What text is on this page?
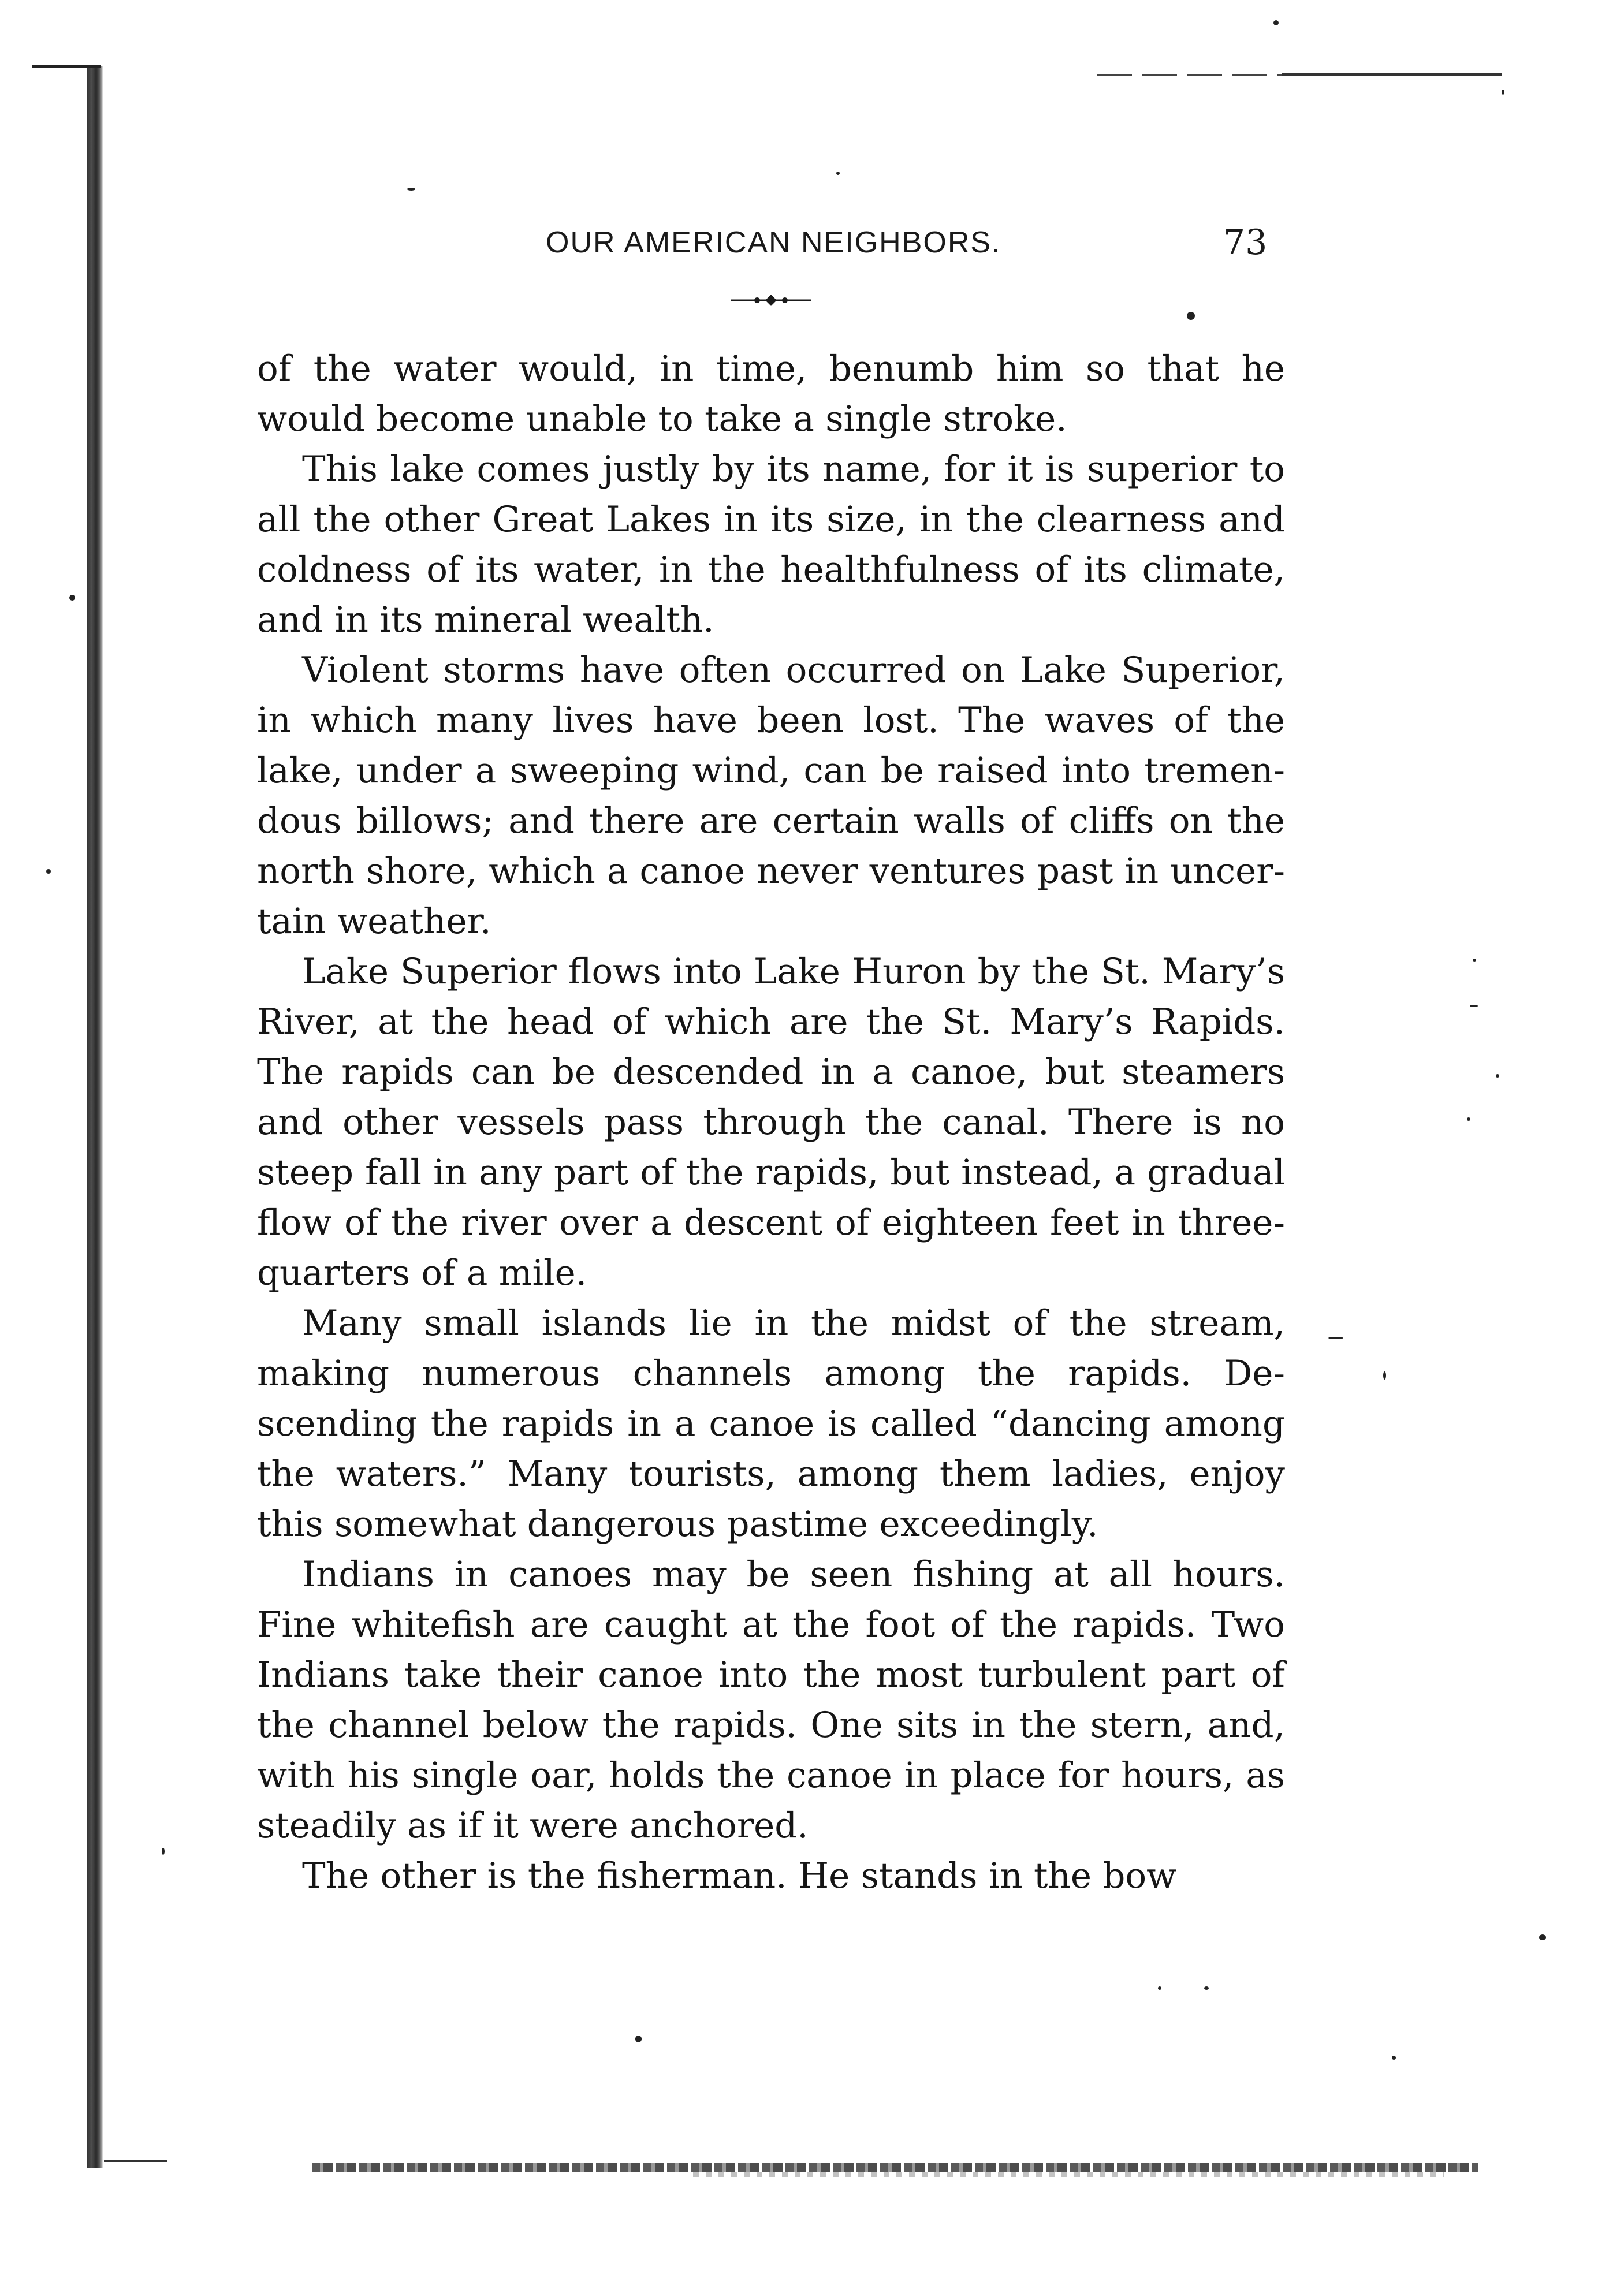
OUR AMERICAN NEIGHBORS.	73

of the water would, in time, benumb him so that he would become unable to take a single stroke.

This lake comes justly by its name, for it is superior to all the other Great Lakes in its size, in the clearness and coldness of its water, in the healthfulness of its climate, and in its mineral wealth.

Violent storms have often occurred on Lake Superior, in which many lives have been lost. The waves of the lake, under a sweeping wind, can be raised into tremen-dous billows; and there are certain walls of cliffs on the north shore, which a canoe never ventures past in uncer-tain weather.

Lake Superior flows into Lake Huron by the St. Mary’s River, at the head of which are the St. Mary’s Rapids. The rapids can be descended in a canoe, but steamers and other vessels pass through the canal. There is no steep fall in any part of the rapids, but instead, a gradual flow of the river over a descent of eighteen feet in three-quarters of a mile.

Many small islands lie in the midst of the stream, making numerous channels among the rapids. De-scending the rapids in a canoe is called “dancing among the waters.” Many tourists, among them ladies, enjoy this somewhat dangerous pastime exceedingly.

Indians in canoes may be seen fishing at all hours. Fine whitefish are caught at the foot of the rapids. Two Indians take their canoe into the most turbulent part of the channel below the rapids. One sits in the stern, and, with his single oar, holds the canoe in place for hours, as steadily as if it were anchored.

The other is the fisherman. He stands in the bow
